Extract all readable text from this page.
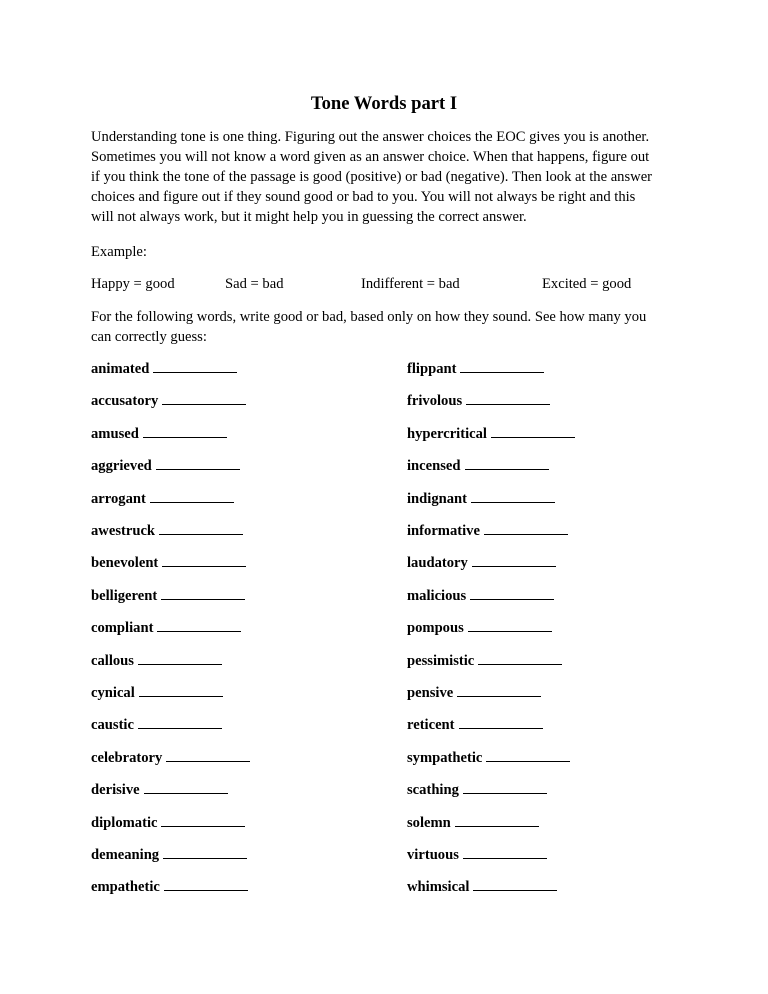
Tone Words part I
Understanding tone is one thing. Figuring out the answer choices the EOC gives you is another.
Sometimes you will not know a word given as an answer choice. When that happens, figure out
if you think the tone of the passage is good (positive) or bad (negative). Then look at the answer
choices and figure out if they sound good or bad to you. You will not always be right and this
will not always work, but it might help you in guessing the correct answer.
Example:
Happy = good	Sad = bad	Indifferent = bad	Excited = good
For the following words, write good or bad, based only on how they sound. See how many you
can correctly guess:
animated	flippant
accusatory	frivolous
amused	hypercritical
aggrieved	incensed
arrogant	indignant
awestruck	informative
benevolent	laudatory
belligerent	malicious
compliant	pompous
callous	pessimistic
cynical	pensive
caustic	reticent
celebratory	sympathetic
derisive	scathing
diplomatic	solemn
demeaning	virtuous
empathetic	whimsical
